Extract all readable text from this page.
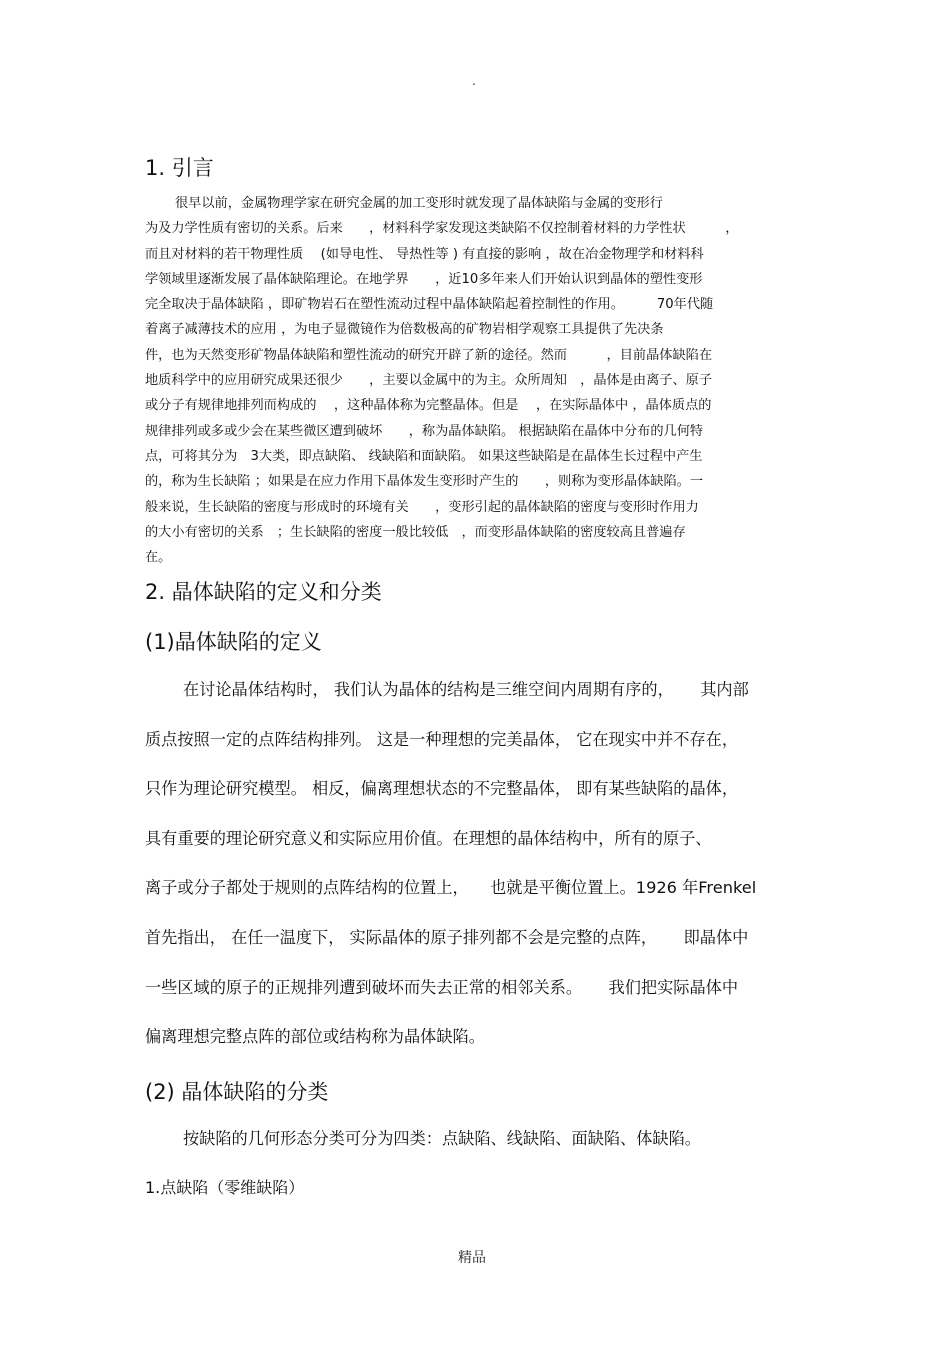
.
1. 引言
很早以前，金属物理学家在研究金属的加工变形时就发现了晶体缺陷与金属的变形行
为及力学性质有密切的关系。后来　　，材料科学家发现这类缺陷不仅控制着材料的力学性状　　　，
而且对材料的若干物理性质　 (如导电性、 导热性等 ) 有直接的影响 ，故在冶金物理学和材料科
学领域里逐渐发展了晶体缺陷理论。在地学界　　，近10多年来人们开始认识到晶体的塑性变形
完全取决于晶体缺陷 ，即矿物岩石在塑性流动过程中晶体缺陷起着控制性的作用。　　　70年代随
着离子减薄技术的应用 ，为电子显微镜作为倍数极高的矿物岩相学观察工具提供了先决条
件，也为天然变形矿物晶体缺陷和塑性流动的研究开辟了新的途径。然而　　　，目前晶体缺陷在
地质科学中的应用研究成果还很少　　，主要以金属中的为主。众所周知　，晶体是由离子、原子
或分子有规律地排列而构成的　 ，这种晶体称为完整晶体。但是　 ，在实际晶体中 ，晶体质点的
规律排列或多或少会在某些微区遭到破坏　　，称为晶体缺陷。 根据缺陷在晶体中分布的几何特
点，可将其分为　3大类，即点缺陷、 线缺陷和面缺陷。 如果这些缺陷是在晶体生长过程中产生
的，称为生长缺陷 ；如果是在应力作用下晶体发生变形时产生的　　，则称为变形晶体缺陷。一
般来说，生长缺陷的密度与形成时的环境有关　　，变形引起的晶体缺陷的密度与变形时作用力
的大小有密切的关系　；生长缺陷的密度一般比较低　，而变形晶体缺陷的密度较高且普遍存
在。
2. 晶体缺陷的定义和分类
(1)晶体缺陷的定义
在讨论晶体结构时， 我们认为晶体的结构是三维空间内周期有序的， 　 其内部
质点按照一定的点阵结构排列。 这是一种理想的完美晶体， 它在现实中并不存在，
只作为理论研究模型。 相反，偏离理想状态的不完整晶体， 即有某些缺陷的晶体，
具有重要的理论研究意义和实际应用价值。在理想的晶体结构中，所有的原子、
离子或分子都处于规则的点阵结构的位置上， 　也就是平衡位置上。1926 年Frenkel
首先指出， 在任一温度下， 实际晶体的原子排列都不会是完整的点阵， 　 即晶体中
一些区域的原子的正规排列遭到破坏而失去正常的相邻关系。 　 我们把实际晶体中
偏离理想完整点阵的部位或结构称为晶体缺陷。
(2) 晶体缺陷的分类
按缺陷的几何形态分类可分为四类：点缺陷、线缺陷、面缺陷、体缺陷。
1.点缺陷（零维缺陷）
精品
